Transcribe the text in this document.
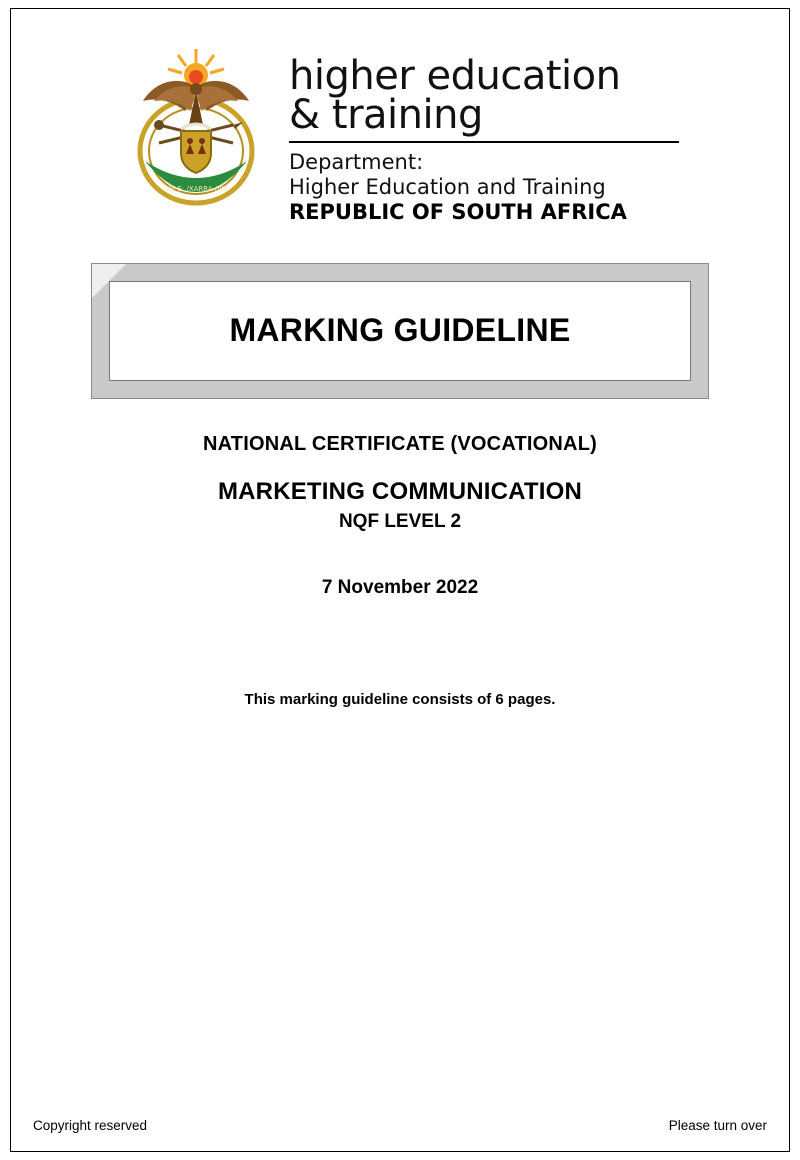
!KE E: /XARRA //KE
higher education
& training
Department:
Higher Education and Training
REPUBLIC OF SOUTH AFRICA
MARKING GUIDELINE
NATIONAL CERTIFICATE (VOCATIONAL)
MARKETING COMMUNICATION
NQF LEVEL 2
7 November 2022
This marking guideline consists of 6 pages.
Copyright reserved	Please turn over
